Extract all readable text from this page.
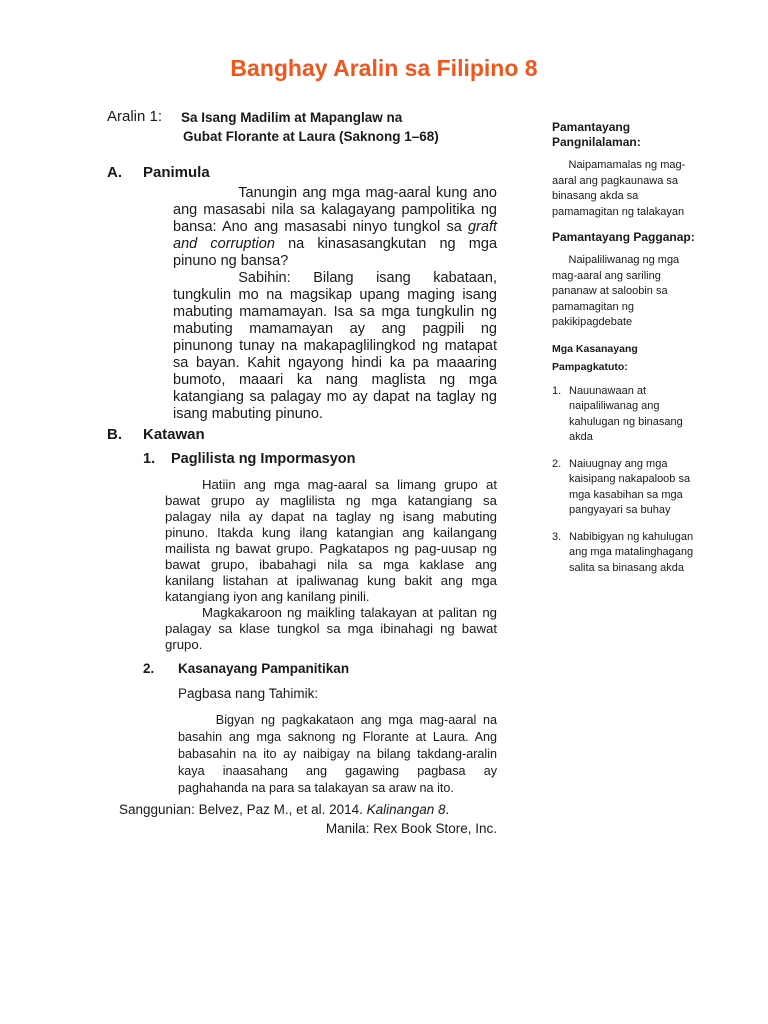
Banghay Aralin sa Filipino 8
Aralin 1: Sa Isang Madilim at Mapanglaw na
Gubat Florante at Laura (Saknong 1–68)
A. Panimula

Tanungin ang mga mag-aaral kung ano ang masasabi nila sa kalagayang pampolitika ng bansa: Ano ang masasabi ninyo tungkol sa graft and corruption na kinasasangkutan ng mga pinuno ng bansa?

Sabihin: Bilang isang kabataan, tungkulin mo na magsikap upang maging isang mabuting mamamayan. Isa sa mga tungkulin ng mabuting mamamayan ay ang pagpili ng pinunong tunay na makapaglilingkod ng matapat sa bayan. Kahit ngayong hindi ka pa maaaring bumoto, maaari ka nang maglista ng mga katangiang sa palagay mo ay dapat na taglay ng isang mabuting pinuno.

B. Katawan
1. Paglilista ng Impormasyon

Hatiin ang mga mag-aaral sa limang grupo at bawat grupo ay maglilista ng mga katangiang sa palagay nila ay dapat na taglay ng isang mabuting pinuno. Itakda kung ilang katangian ang kailangang mailista ng bawat grupo. Pagkatapos ng pag-uusap ng bawat grupo, ibabahagi nila sa mga kaklase ang kanilang listahan at ipaliwanag kung bakit ang mga katangiang iyon ang kanilang pinili.

Magkakaroon ng maikling talakayan at palitan ng palagay sa klase tungkol sa mga ibinahagi ng bawat grupo.

2. Kasanayang Pampanitikan

Pagbasa nang Tahimik:

Bigyan ng pagkakataon ang mga mag-aaral na basahin ang mga saknong ng Florante at Laura. Ang babasahin na ito ay naibigay na bilang takdang-aralin kaya inaasahang ang gagawing pagbasa ay paghahanda na para sa talakayan sa araw na ito.

Sanggunian: Belvez, Paz M., et al. 2014. Kalinangan 8.

Manila: Rex Book Store, Inc.

Pamantayang Pangnilalaman:

Naipamamalas ng mag-aaral ang pagkaunawa sa binasang akda sa pamamagitan ng talakayan

Pamantayang Pagganap:

Naipaliliwanag ng mga mag-aaral ang sariling pananaw at saloobin sa pamamagitan ng pakikipagdebate

Mga Kasanayang
Pampagkatuto:
1. Nauunawaan at naipaliliwanag ang kahulugan ng binasang akda
2. Naiuugnay ang mga kaisipang nakapaloob sa mga kasabihan sa mga pangyayari sa buhay
3. Nabibigyan ng kahulugan ang mga matalinghagang salita sa binasang akda
